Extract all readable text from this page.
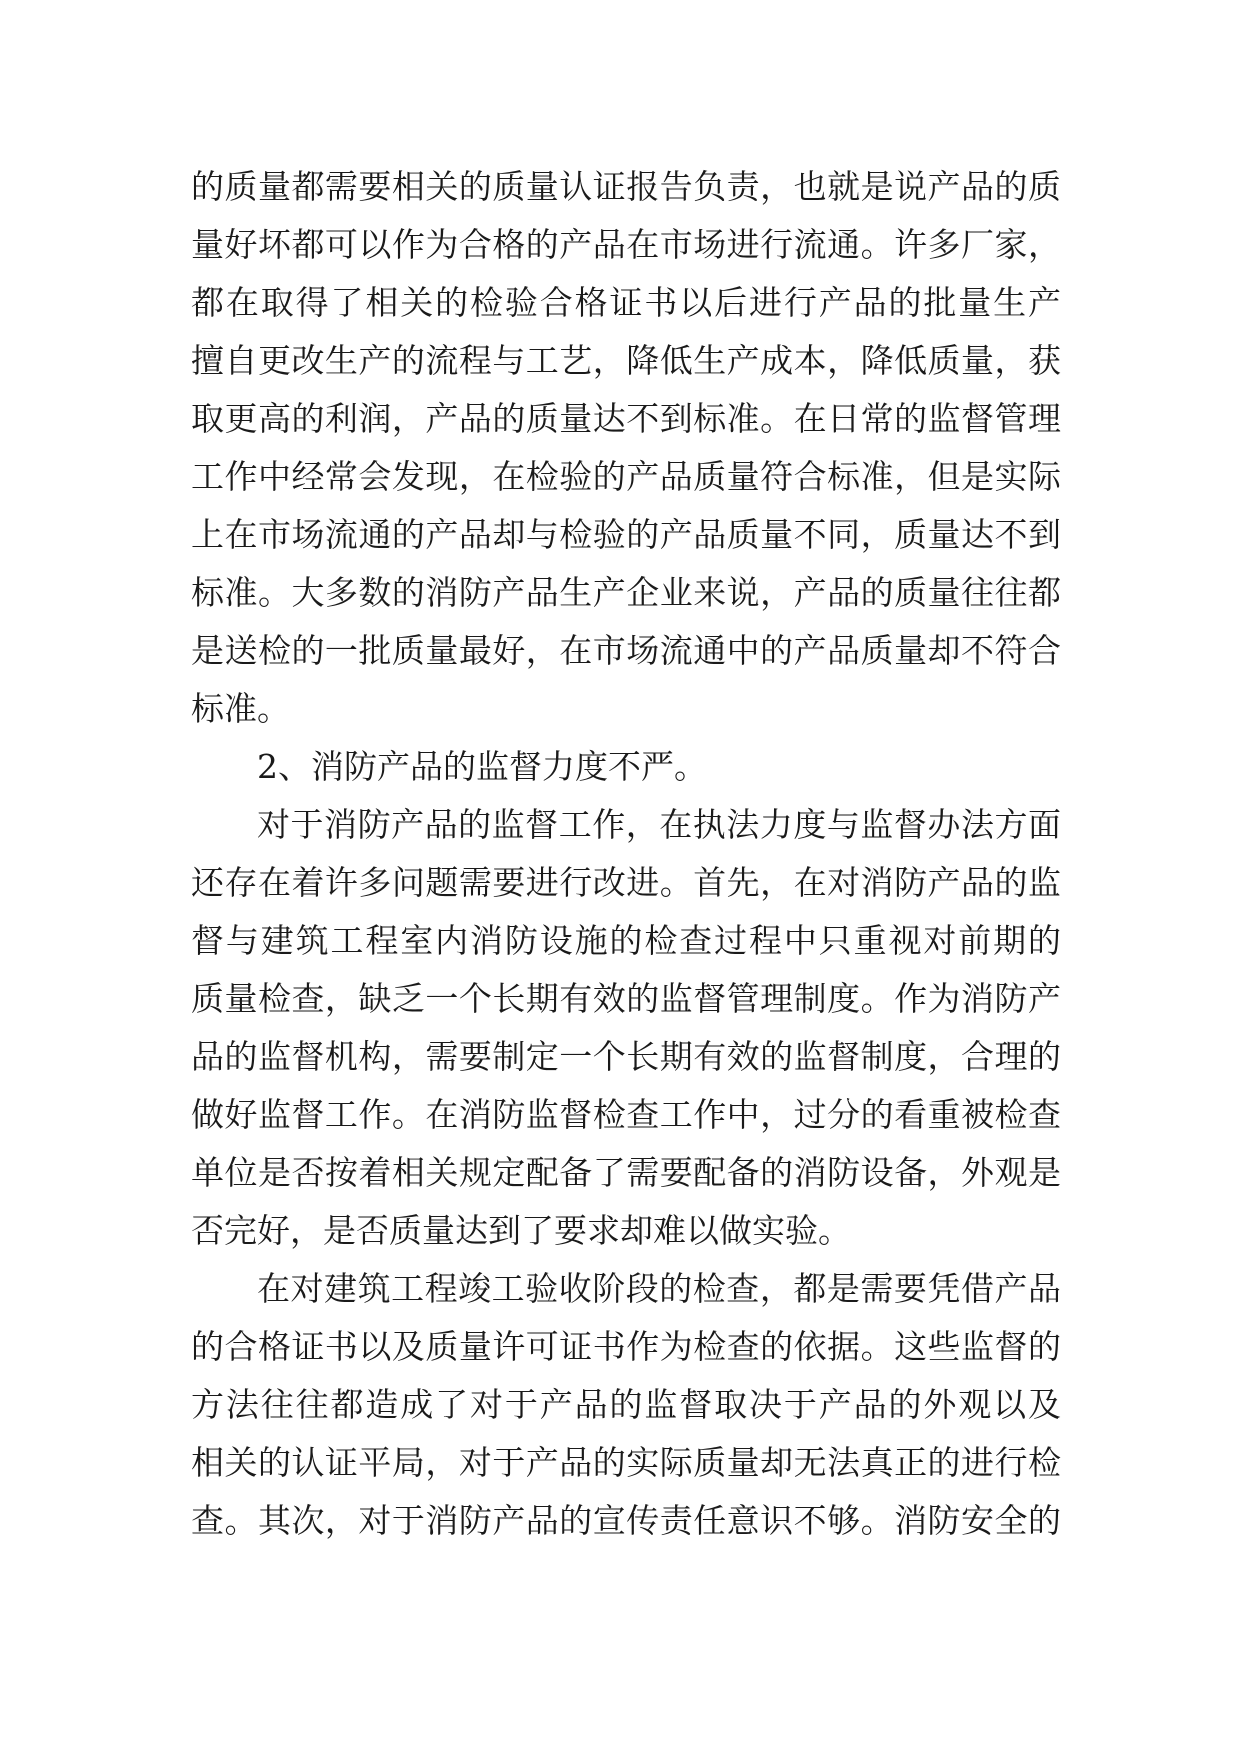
的质量都需要相关的质量认证报告负责，也就是说产品的质
量好坏都可以作为合格的产品在市场进行流通。许多厂家，
都在取得了相关的检验合格证书以后进行产品的批量生产
擅自更改生产的流程与工艺，降低生产成本，降低质量，获
取更高的利润，产品的质量达不到标准。在日常的监督管理
工作中经常会发现，在检验的产品质量符合标准，但是实际
上在市场流通的产品却与检验的产品质量不同，质量达不到
标准。大多数的消防产品生产企业来说，产品的质量往往都
是送检的一批质量最好，在市场流通中的产品质量却不符合
标准。
2、消防产品的监督力度不严。
对于消防产品的监督工作，在执法力度与监督办法方面
还存在着许多问题需要进行改进。首先，在对消防产品的监
督与建筑工程室内消防设施的检查过程中只重视对前期的
质量检查，缺乏一个长期有效的监督管理制度。作为消防产
品的监督机构，需要制定一个长期有效的监督制度，合理的
做好监督工作。在消防监督检查工作中，过分的看重被检查
单位是否按着相关规定配备了需要配备的消防设备，外观是
否完好，是否质量达到了要求却难以做实验。
在对建筑工程竣工验收阶段的检查，都是需要凭借产品
的合格证书以及质量许可证书作为检查的依据。这些监督的
方法往往都造成了对于产品的监督取决于产品的外观以及
相关的认证平局，对于产品的实际质量却无法真正的进行检
查。其次，对于消防产品的宣传责任意识不够。消防安全的
